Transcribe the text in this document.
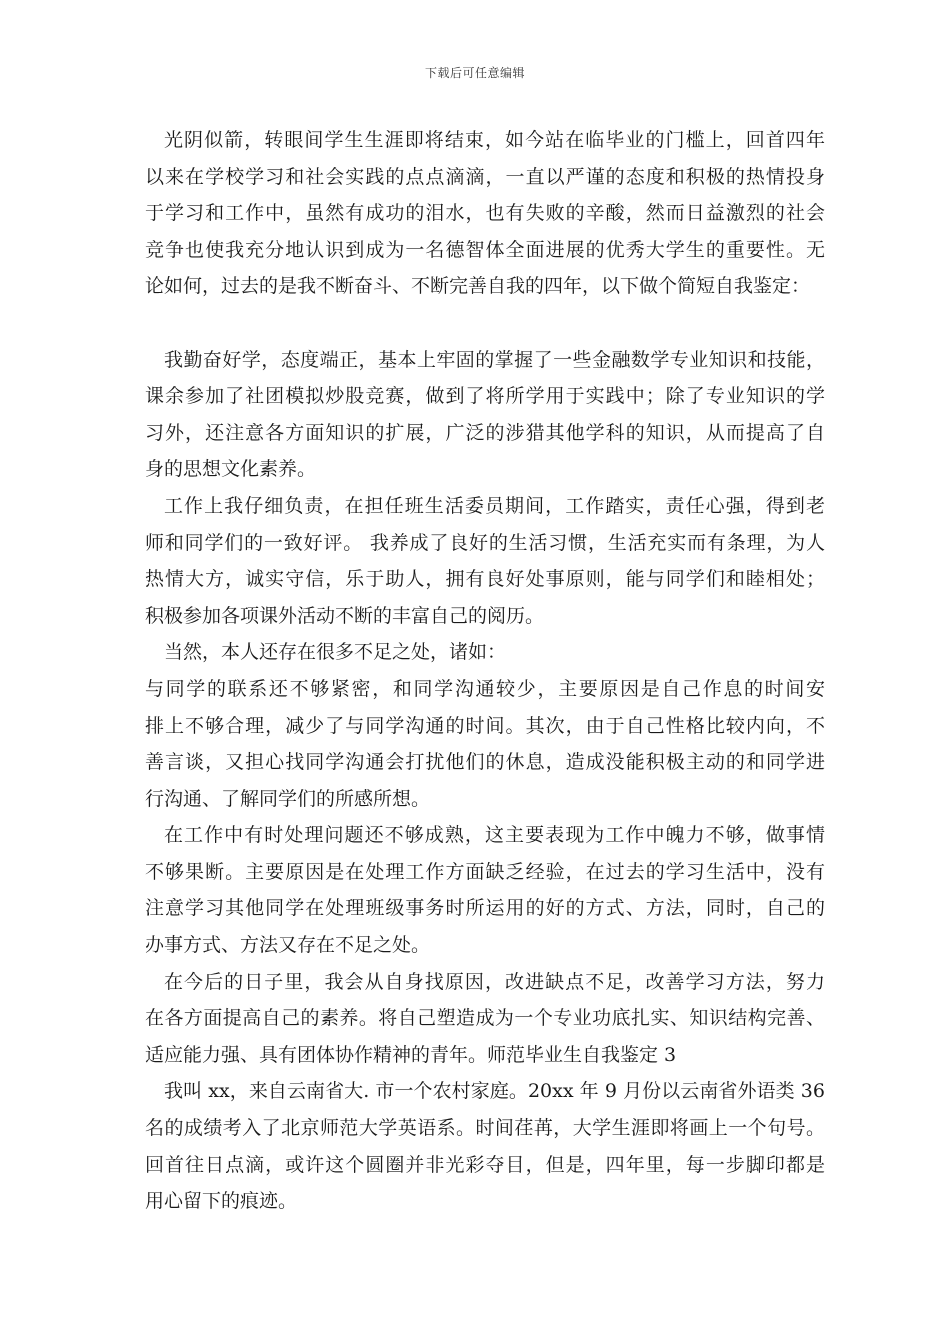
下载后可任意编辑
光阴似箭，转眼间学生生涯即将结束，如今站在临毕业的门槛上，回首四年
以来在学校学习和社会实践的点点滴滴，一直以严谨的态度和积极的热情投身
于学习和工作中，虽然有成功的泪水，也有失败的辛酸，然而日益激烈的社会
竞争也使我充分地认识到成为一名德智体全面进展的优秀大学生的重要性。无
论如何，过去的是我不断奋斗、不断完善自我的四年，以下做个简短自我鉴定：
我勤奋好学，态度端正，基本上牢固的掌握了一些金融数学专业知识和技能，
课余参加了社团模拟炒股竞赛，做到了将所学用于实践中；除了专业知识的学
习外，还注意各方面知识的扩展，广泛的涉猎其他学科的知识，从而提高了自
身的思想文化素养。
工作上我仔细负责，在担任班生活委员期间，工作踏实，责任心强，得到老
师和同学们的一致好评。 我养成了良好的生活习惯，生活充实而有条理，为人
热情大方，诚实守信，乐于助人，拥有良好处事原则，能与同学们和睦相处；
积极参加各项课外活动不断的丰富自己的阅历。
当然，本人还存在很多不足之处，诸如：
与同学的联系还不够紧密，和同学沟通较少，主要原因是自己作息的时间安
排上不够合理，减少了与同学沟通的时间。其次，由于自己性格比较内向，不
善言谈，又担心找同学沟通会打扰他们的休息，造成没能积极主动的和同学进
行沟通、了解同学们的所感所想。
在工作中有时处理问题还不够成熟，这主要表现为工作中魄力不够，做事情
不够果断。主要原因是在处理工作方面缺乏经验，在过去的学习生活中，没有
注意学习其他同学在处理班级事务时所运用的好的方式、方法，同时，自己的
办事方式、方法又存在不足之处。
在今后的日子里，我会从自身找原因，改进缺点不足，改善学习方法，努力
在各方面提高自己的素养。将自己塑造成为一个专业功底扎实、知识结构完善、
适应能力强、具有团体协作精神的青年。师范毕业生自我鉴定 3
我叫 xx，来自云南省大. 市一个农村家庭。20xx 年 9 月份以云南省外语类 36
名的成绩考入了北京师范大学英语系。时间荏苒，大学生涯即将画上一个句号。
回首往日点滴，或许这个圆圈并非光彩夺目，但是，四年里，每一步脚印都是
用心留下的痕迹。
